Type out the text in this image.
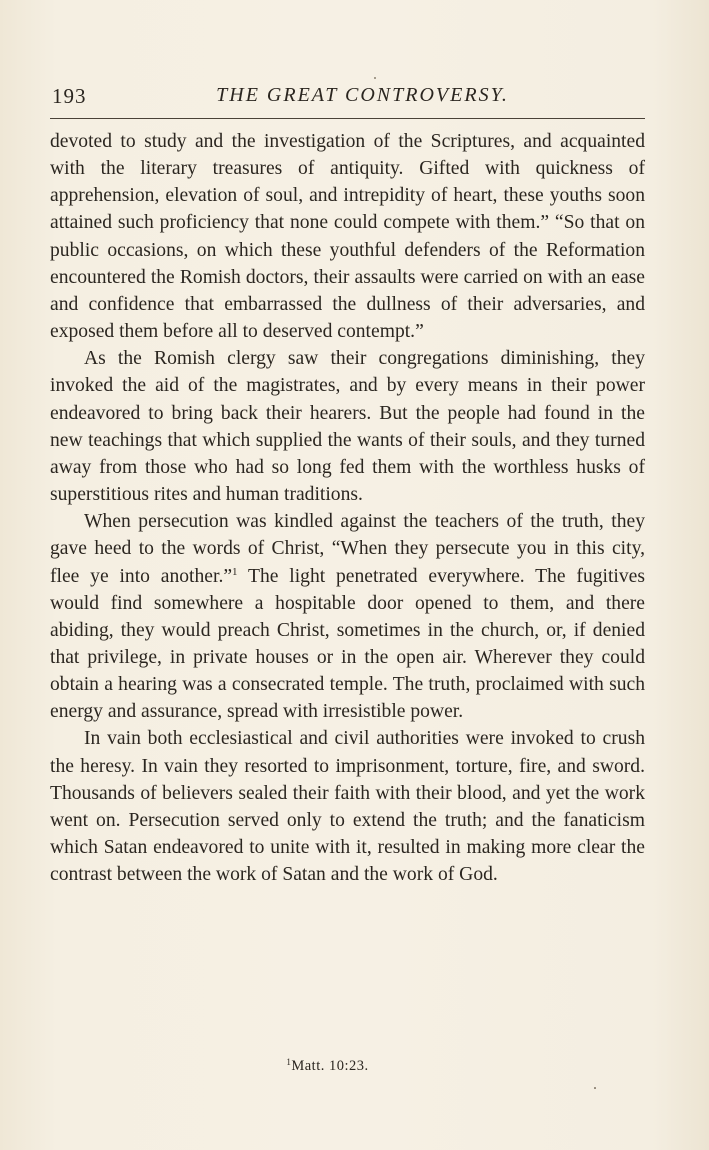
193	THE GREAT CONTROVERSY.

devoted to study and the investigation of the Scriptures, and acquainted with the literary treasures of antiquity. Gifted with quickness of apprehension, elevation of soul, and intrepidity of heart, these youths soon attained such proficiency that none could compete with them.” “So that on public occasions, on which these youthful defenders of the Reformation encountered the Romish doctors, their assaults were carried on with an ease and confidence that embarrassed the dullness of their adversaries, and exposed them before all to deserved contempt.”

As the Romish clergy saw their congregations diminishing, they invoked the aid of the magistrates, and by every means in their power endeavored to bring back their hearers. But the people had found in the new teachings that which supplied the wants of their souls, and they turned away from those who had so long fed them with the worthless husks of superstitious rites and human traditions.

When persecution was kindled against the teachers of the truth, they gave heed to the words of Christ, “When they persecute you in this city, flee ye into another.”$^1$ The light penetrated everywhere. The fugitives would find somewhere a hospitable door opened to them, and there abiding, they would preach Christ, sometimes in the church, or, if denied that privilege, in private houses or in the open air. Wherever they could obtain a hearing was a consecrated temple. The truth, proclaimed with such energy and assurance, spread with irresistible power.

In vain both ecclesiastical and civil authorities were invoked to crush the heresy. In vain they resorted to imprisonment, torture, fire, and sword. Thousands of believers sealed their faith with their blood, and yet the work went on. Persecution served only to extend the truth; and the fanaticism which Satan endeavored to unite with it, resulted in making more clear the contrast between the work of Satan and the work of God.

$^1$Matt. 10:23.
